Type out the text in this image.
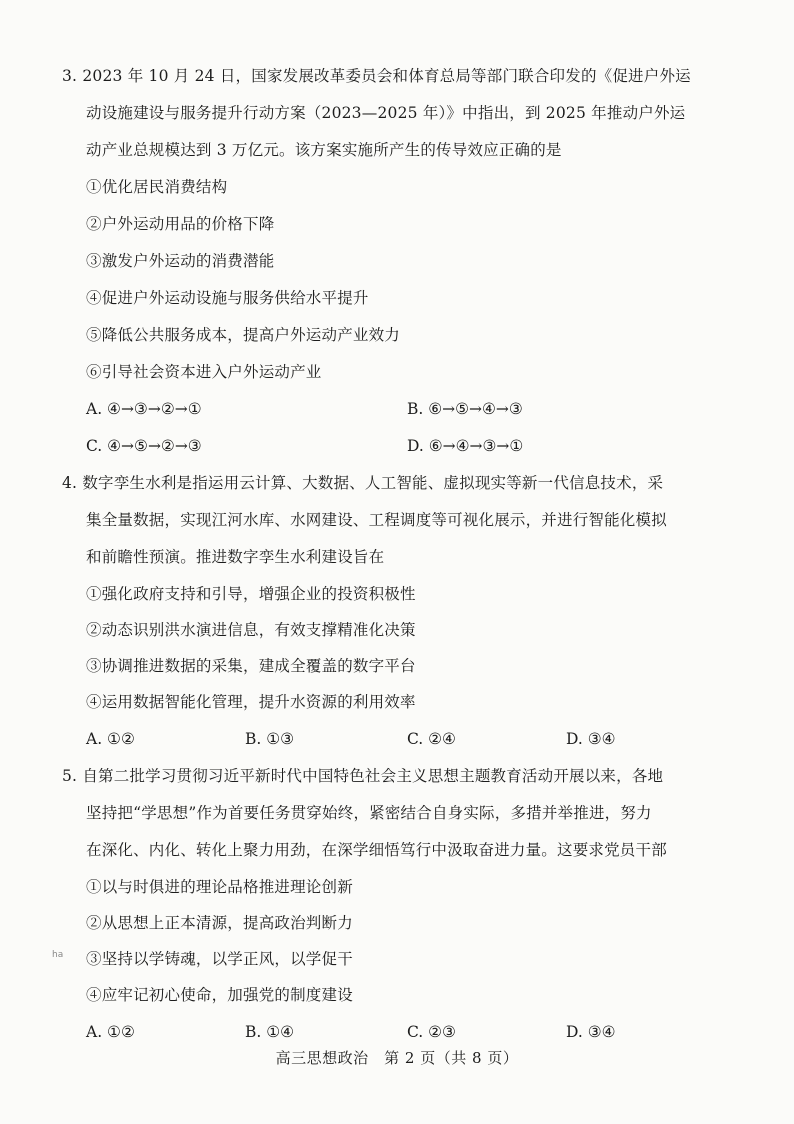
3. 2023 年 10 月 24 日，国家发展改革委员会和体育总局等部门联合印发的《促进户外运
动设施建设与服务提升行动方案（2023—2025 年）》中指出，到 2025 年推动户外运
动产业总规模达到 3 万亿元。该方案实施所产生的传导效应正确的是
①优化居民消费结构
②户外运动用品的价格下降
③激发户外运动的消费潜能
④促进户外运动设施与服务供给水平提升
⑤降低公共服务成本，提高户外运动产业效力
⑥引导社会资本进入户外运动产业
A. ④→③→②→①	B. ⑥→⑤→④→③
C. ④→⑤→②→③	D. ⑥→④→③→①
4. 数字孪生水利是指运用云计算、大数据、人工智能、虚拟现实等新一代信息技术，采
集全量数据，实现江河水库、水网建设、工程调度等可视化展示，并进行智能化模拟
和前瞻性预演。推进数字孪生水利建设旨在
①强化政府支持和引导，增强企业的投资积极性
②动态识别洪水演进信息，有效支撑精准化决策
③协调推进数据的采集，建成全覆盖的数字平台
④运用数据智能化管理，提升水资源的利用效率
A. ①②	B. ①③	C. ②④	D. ③④
5. 自第二批学习贯彻习近平新时代中国特色社会主义思想主题教育活动开展以来，各地
坚持把“学思想”作为首要任务贯穿始终，紧密结合自身实际，多措并举推进，努力
在深化、内化、转化上聚力用劲，在深学细悟笃行中汲取奋进力量。这要求党员干部
①以与时俱进的理论品格推进理论创新
②从思想上正本清源，提高政治判断力
③坚持以学铸魂，以学正风，以学促干
④应牢记初心使命，加强党的制度建设
A. ①②	B. ①④	C. ②③	D. ③④
ha
高三思想政治　第 2 页（共 8 页）
